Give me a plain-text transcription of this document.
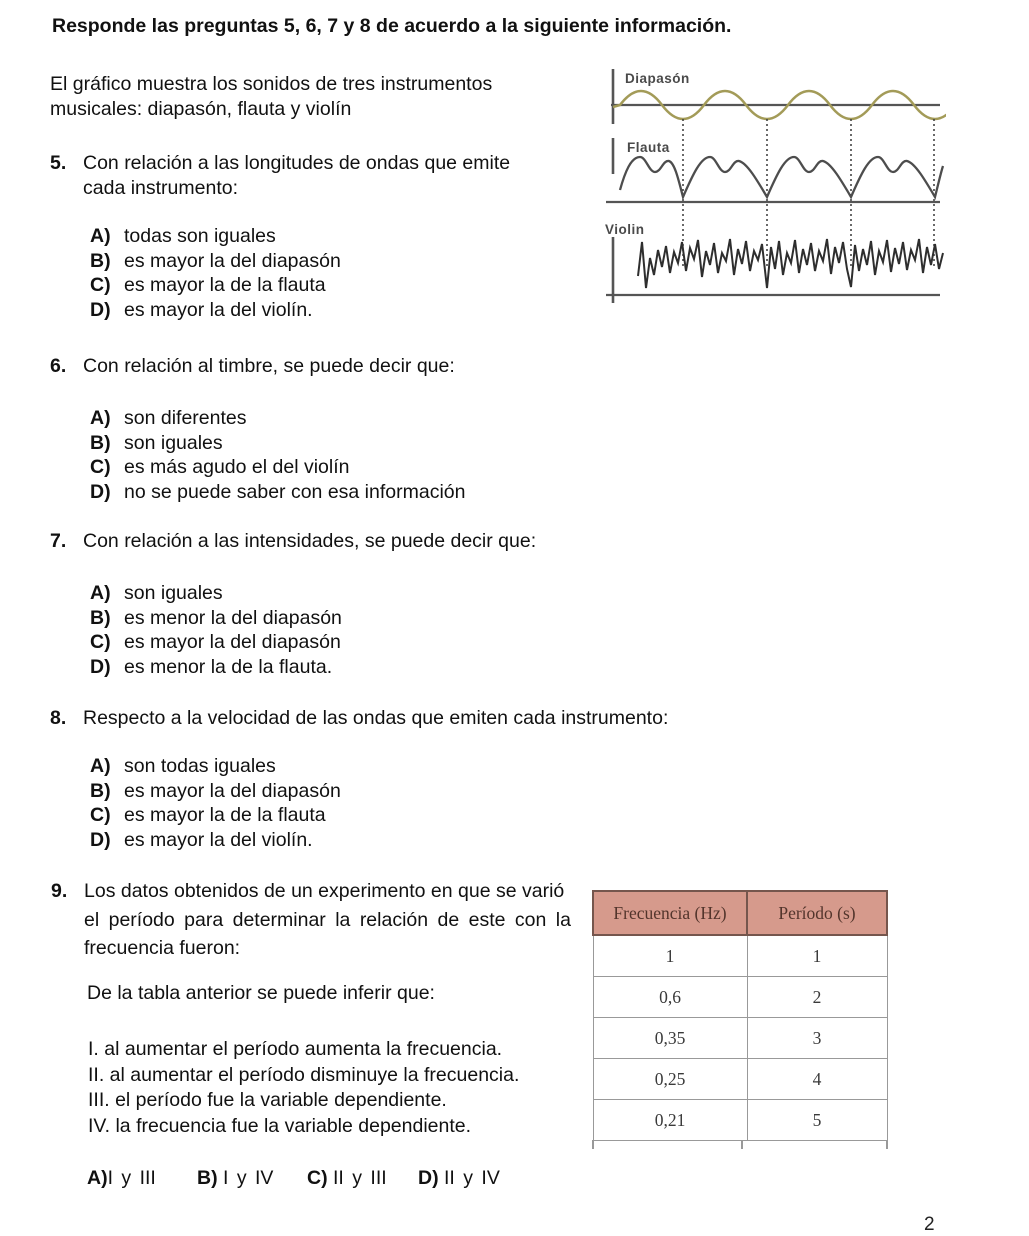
Responde las preguntas 5, 6, 7 y 8 de acuerdo a la siguiente información.
El gráfico muestra los sonidos de tres instrumentos
musicales: diapasón, flauta y violín
Diapasón
Flauta
Violin
5. Con relación a las longitudes de ondas que emite
cada instrumento:
A) todas son iguales
B) es mayor la del diapasón
C) es mayor la de la flauta
D) es mayor la del violín.
6. Con relación al timbre, se puede decir que:
A) son diferentes
B) son iguales
C) es más agudo el del violín
D) no se puede saber con esa información
7. Con relación a las intensidades, se puede decir que:
A) son iguales
B) es menor la del diapasón
C) es mayor la del diapasón
D) es menor la de la flauta.
8. Respecto a la velocidad de las ondas que emiten cada instrumento:
A) son todas iguales
B) es mayor la del diapasón
C) es mayor la de la flauta
D) es mayor la del violín.
9. Los datos obtenidos de un experimento en que se varió
el período para determinar la relación de este con la
frecuencia fueron:
De la tabla anterior se puede inferir que:
I. al aumentar el período aumenta la frecuencia.
II. al aumentar el período disminuye la frecuencia.
III. el período fue la variable dependiente.
IV. la frecuencia fue la variable dependiente.
A)I y III B) I y IV C) II y III D) II y IV
Frecuencia (Hz)	Período (s)
1	1
0,6	2
0,35	3
0,25	4
0,21	5
2
